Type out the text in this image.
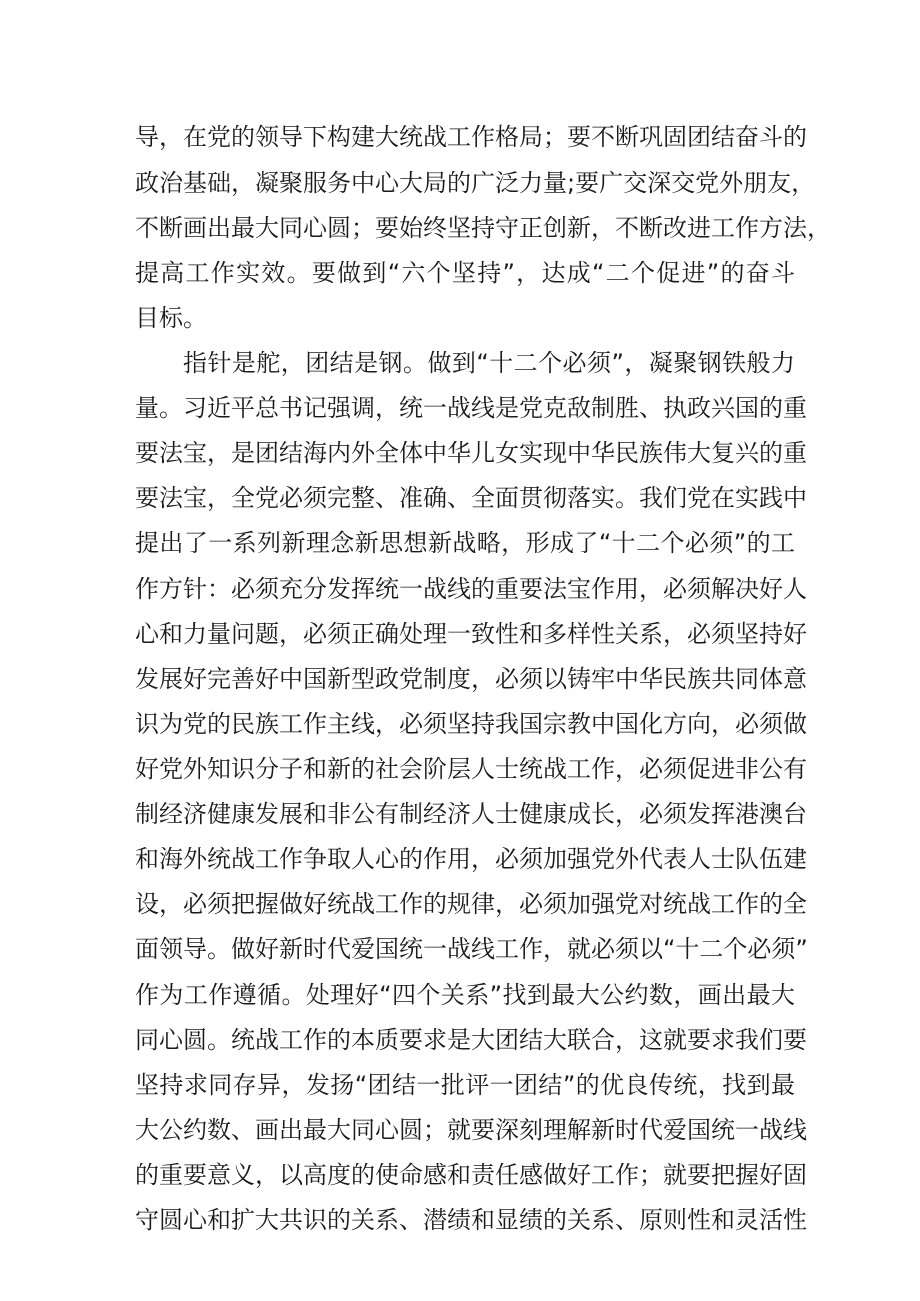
导，在党的领导下构建大统战工作格局；要不断巩固团结奋斗的
政治基础，凝聚服务中心大局的广泛力量;要广交深交党外朋友，
不断画出最大同心圆；要始终坚持守正创新，不断改进工作方法，
提高工作实效。要做到“六个坚持”，达成“二个促进”的奋斗
目标。
指针是舵，团结是钢。做到“十二个必须”，凝聚钢铁般力
量。习近平总书记强调，统一战线是党克敌制胜、执政兴国的重
要法宝，是团结海内外全体中华儿女实现中华民族伟大复兴的重
要法宝，全党必须完整、准确、全面贯彻落实。我们党在实践中
提出了一系列新理念新思想新战略，形成了“十二个必须”的工
作方针：必须充分发挥统一战线的重要法宝作用，必须解决好人
心和力量问题，必须正确处理一致性和多样性关系，必须坚持好
发展好完善好中国新型政党制度，必须以铸牢中华民族共同体意
识为党的民族工作主线，必须坚持我国宗教中国化方向，必须做
好党外知识分子和新的社会阶层人士统战工作，必须促进非公有
制经济健康发展和非公有制经济人士健康成长，必须发挥港澳台
和海外统战工作争取人心的作用，必须加强党外代表人士队伍建
设，必须把握做好统战工作的规律，必须加强党对统战工作的全
面领导。做好新时代爱国统一战线工作，就必须以“十二个必须”
作为工作遵循。处理好“四个关系”找到最大公约数，画出最大
同心圆。统战工作的本质要求是大团结大联合，这就要求我们要
坚持求同存异，发扬“团结一批评一团结”的优良传统，找到最
大公约数、画出最大同心圆；就要深刻理解新时代爱国统一战线
的重要意义，以高度的使命感和责任感做好工作；就要把握好固
守圆心和扩大共识的关系、潜绩和显绩的关系、原则性和灵活性
